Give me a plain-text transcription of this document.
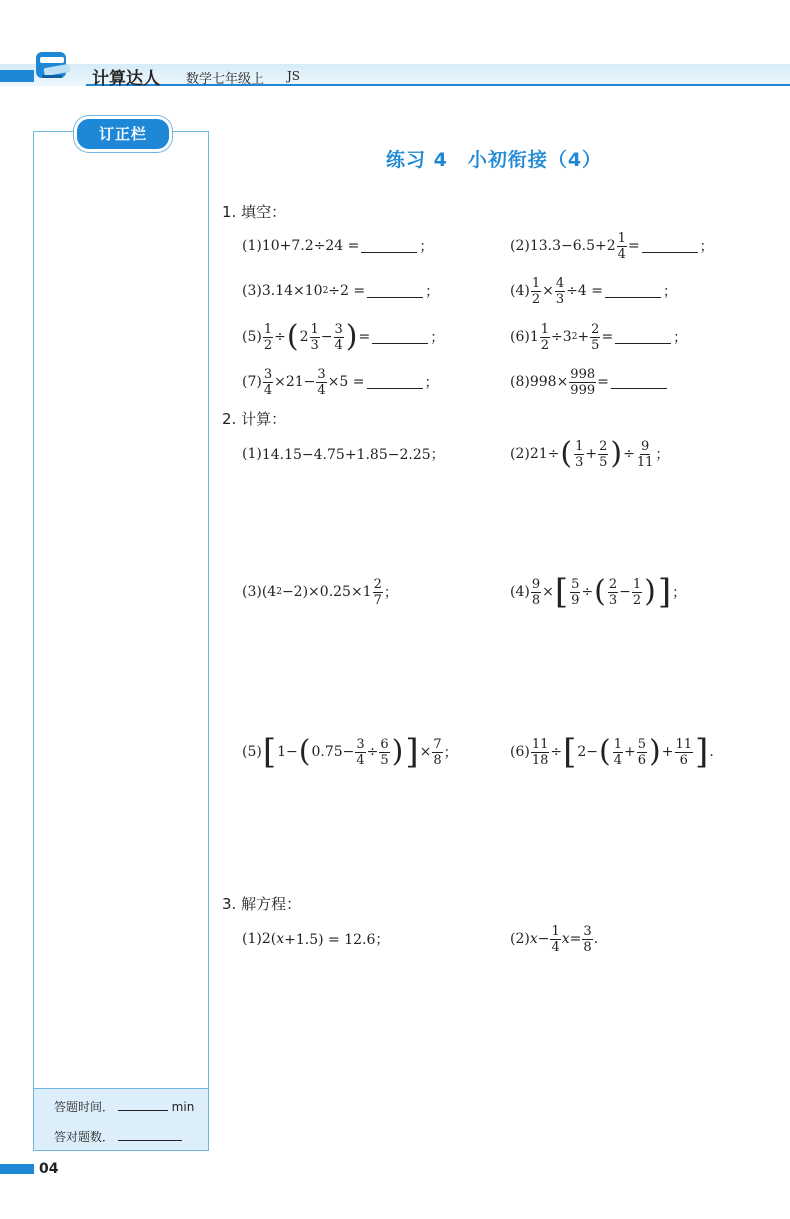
计算达人 数学七年级上 JS
订正栏
答题时间．	min
答对题数．
04
练习 4　小初衔接（4）
1. 填空：
(1) 10+7.2÷24 =	；	(2) $13.3-6.5+2 \frac{1}{4}$ =	；
(3) 3.14×10 2 ÷2 =	；	$(4) \frac{1}{2} \times \frac{4}{3} \div 4$ =	；
$(5) \frac{1}{2}$ ÷ ( $2 \frac{1}{3} - \frac{3}{4}$ ) =	；	(6) $1 \frac{1}{2} \div 3$ $2 + \frac{2}{5}$ =	；
$(7) \frac{3}{4} \times 21- \frac{3}{4} \times 5$ =	；	(8) $998\times \frac{998}{999}$ =
2. 计算：
(1) 14.15−4.75+1.85−2.25；	(2) 21÷ ( $\frac{1}{3} + \frac{2}{5}$ ) ÷ $\frac{9}{11}$ ；
(3) (4 $2 -2)\times 0.25\times 1 \frac{2}{7}$ ；	$(4) \frac{9}{8}$ × [ $\frac{5}{9}$ ÷ ( $\frac{2}{3} - \frac{1}{2}$ ) ] ；
(5) [ 1− ( $0.75- \frac{3}{4} \div \frac{6}{5}$ ) ] × $\frac{7}{8}$ ；	$(6) \frac{11}{18}$ ÷ [ 2− ( $\frac{1}{4} + \frac{5}{6}$ ) + $\frac{11}{6}$ ] .
3. 解方程：
(1) 2( x +1.5) = 12.6；	(2) $x - \frac{1}{4}$ $x = \frac{3}{8}$ .
